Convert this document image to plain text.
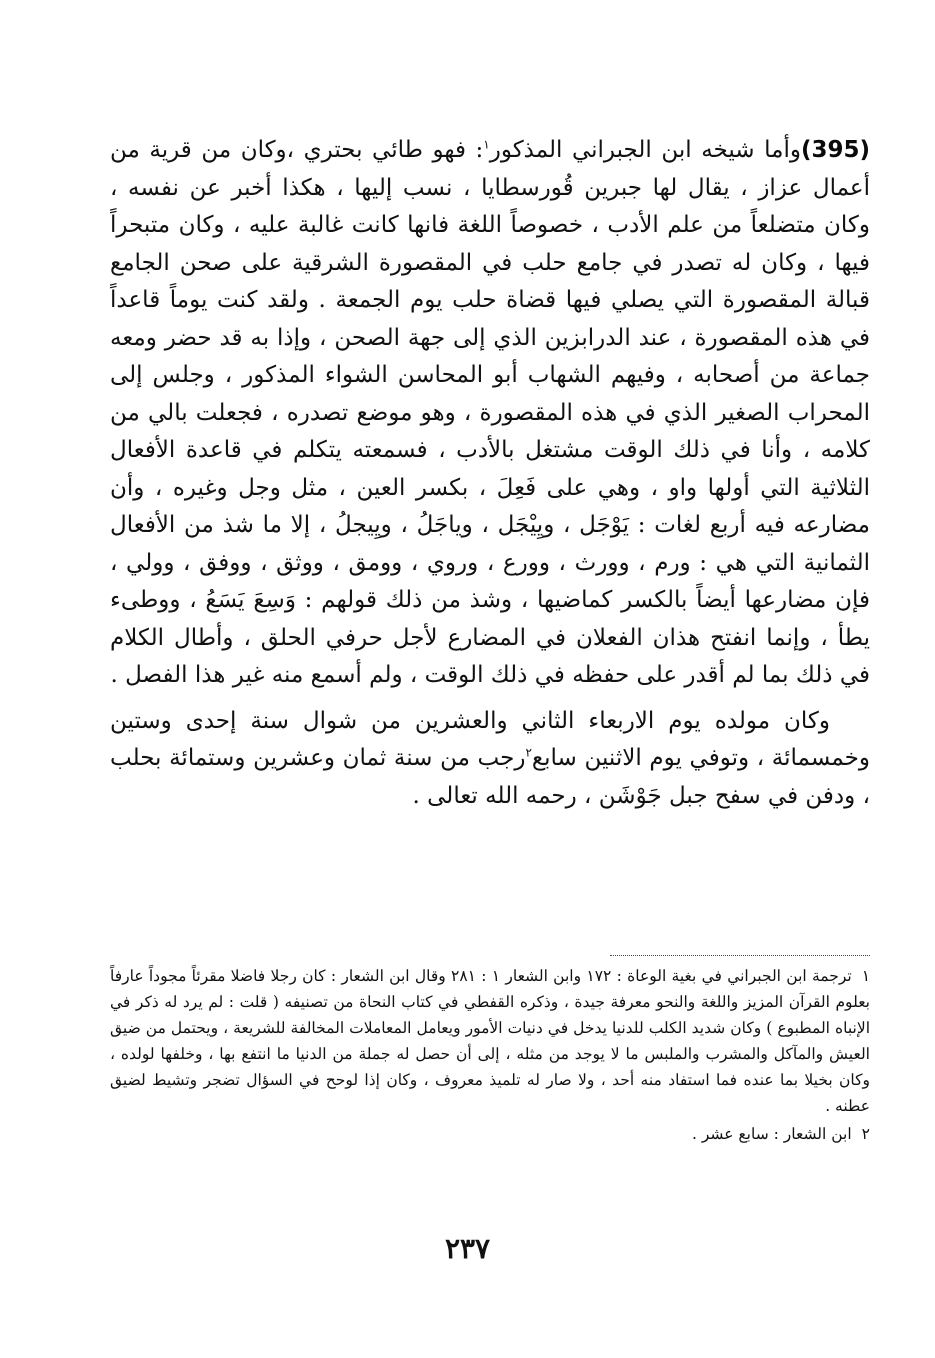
(395)وأما شيخه ابن الجبراني المذكور$^١$: فهو طائي بحتري ،وكان من قرية من أعمال عزاز ، يقال لها جبرين قُورسطايا ، نسب إليها ، هكذا أخبر عن نفسه ، وكان متضلعاً من علم الأدب ، خصوصاً اللغة فانها كانت غالبة عليه ، وكان متبحراً فيها ، وكان له تصدر في جامع حلب في المقصورة الشرقية على صحن الجامع قبالة المقصورة التي يصلي فيها قضاة حلب يوم الجمعة . ولقد كنت يوماً قاعداً في هذه المقصورة ، عند الدرابزين الذي إلى جهة الصحن ، وإذا به قد حضر ومعه جماعة من أصحابه ، وفيهم الشهاب أبو المحاسن الشواء المذكور ، وجلس إلى المحراب الصغير الذي في هذه المقصورة ، وهو موضع تصدره ، فجعلت بالي من كلامه ، وأنا في ذلك الوقت مشتغل بالأدب ، فسمعته يتكلم في قاعدة الأفعال الثلاثية التي أولها واو ، وهي على فَعِلَ ، بكسر العين ، مثل وجل وغيره ، وأن مضارعه فيه أربع لغات : يَوْجَل ، ويِيْجَل ، وياجَلُ ، ويِيجلُ ، إلا ما شذ من الأفعال الثمانية التي هي : ورم ، وورث ، وورع ، وروي ، وومق ، ووثق ، ووفق ، وولي ، فإن مضارعها أيضاً بالكسر كماضيها ، وشذ من ذلك قولهم : وَسِعَ يَسَعُ ، ووطىء يطأ ، وإنما انفتح هذان الفعلان في المضارع لأجل حرفي الحلق ، وأطال الكلام في ذلك بما لم أقدر على حفظه في ذلك الوقت ، ولم أسمع منه غير هذا الفصل .

وكان مولده يوم الاربعاء الثاني والعشرين من شوال سنة إحدى وستين وخمسمائة ، وتوفي يوم الاثنين سابع$^٢$رجب من سنة ثمان وعشرين وستمائة بحلب ، ودفن في سفح جبل جَوْشَن ، رحمه الله تعالى .

١ترجمة ابن الجبراني في بغية الوعاة : ١٧٢ وابن الشعار ١ : ٢٨١ وقال ابن الشعار : كان رجلا فاضلا مقرئاً مجوداً عارفاً بعلوم القرآن المزيز واللغة والنحو معرفة جيدة ، وذكره القفطي في كتاب النحاة من تصنيفه ( قلت : لم يرد له ذكر في الإنباه المطبوع ) وكان شديد الكلب للدنيا يدخل في دنيات الأمور ويعامل المعاملات المخالفة للشريعة ، ويحتمل من ضيق العيش والمآكل والمشرب والملبس ما لا يوجد من مثله ، إلى أن حصل له جملة من الدنيا ما انتفع بها ، وخلفها لولده ، وكان بخيلا بما عنده فما استفاد منه أحد ، ولا صار له تلميذ معروف ، وكان إذا لوحح في السؤال تضجر وتشيط لضيق عطنه .

٢ابن الشعار : سابع عشر .

٢٣٧
